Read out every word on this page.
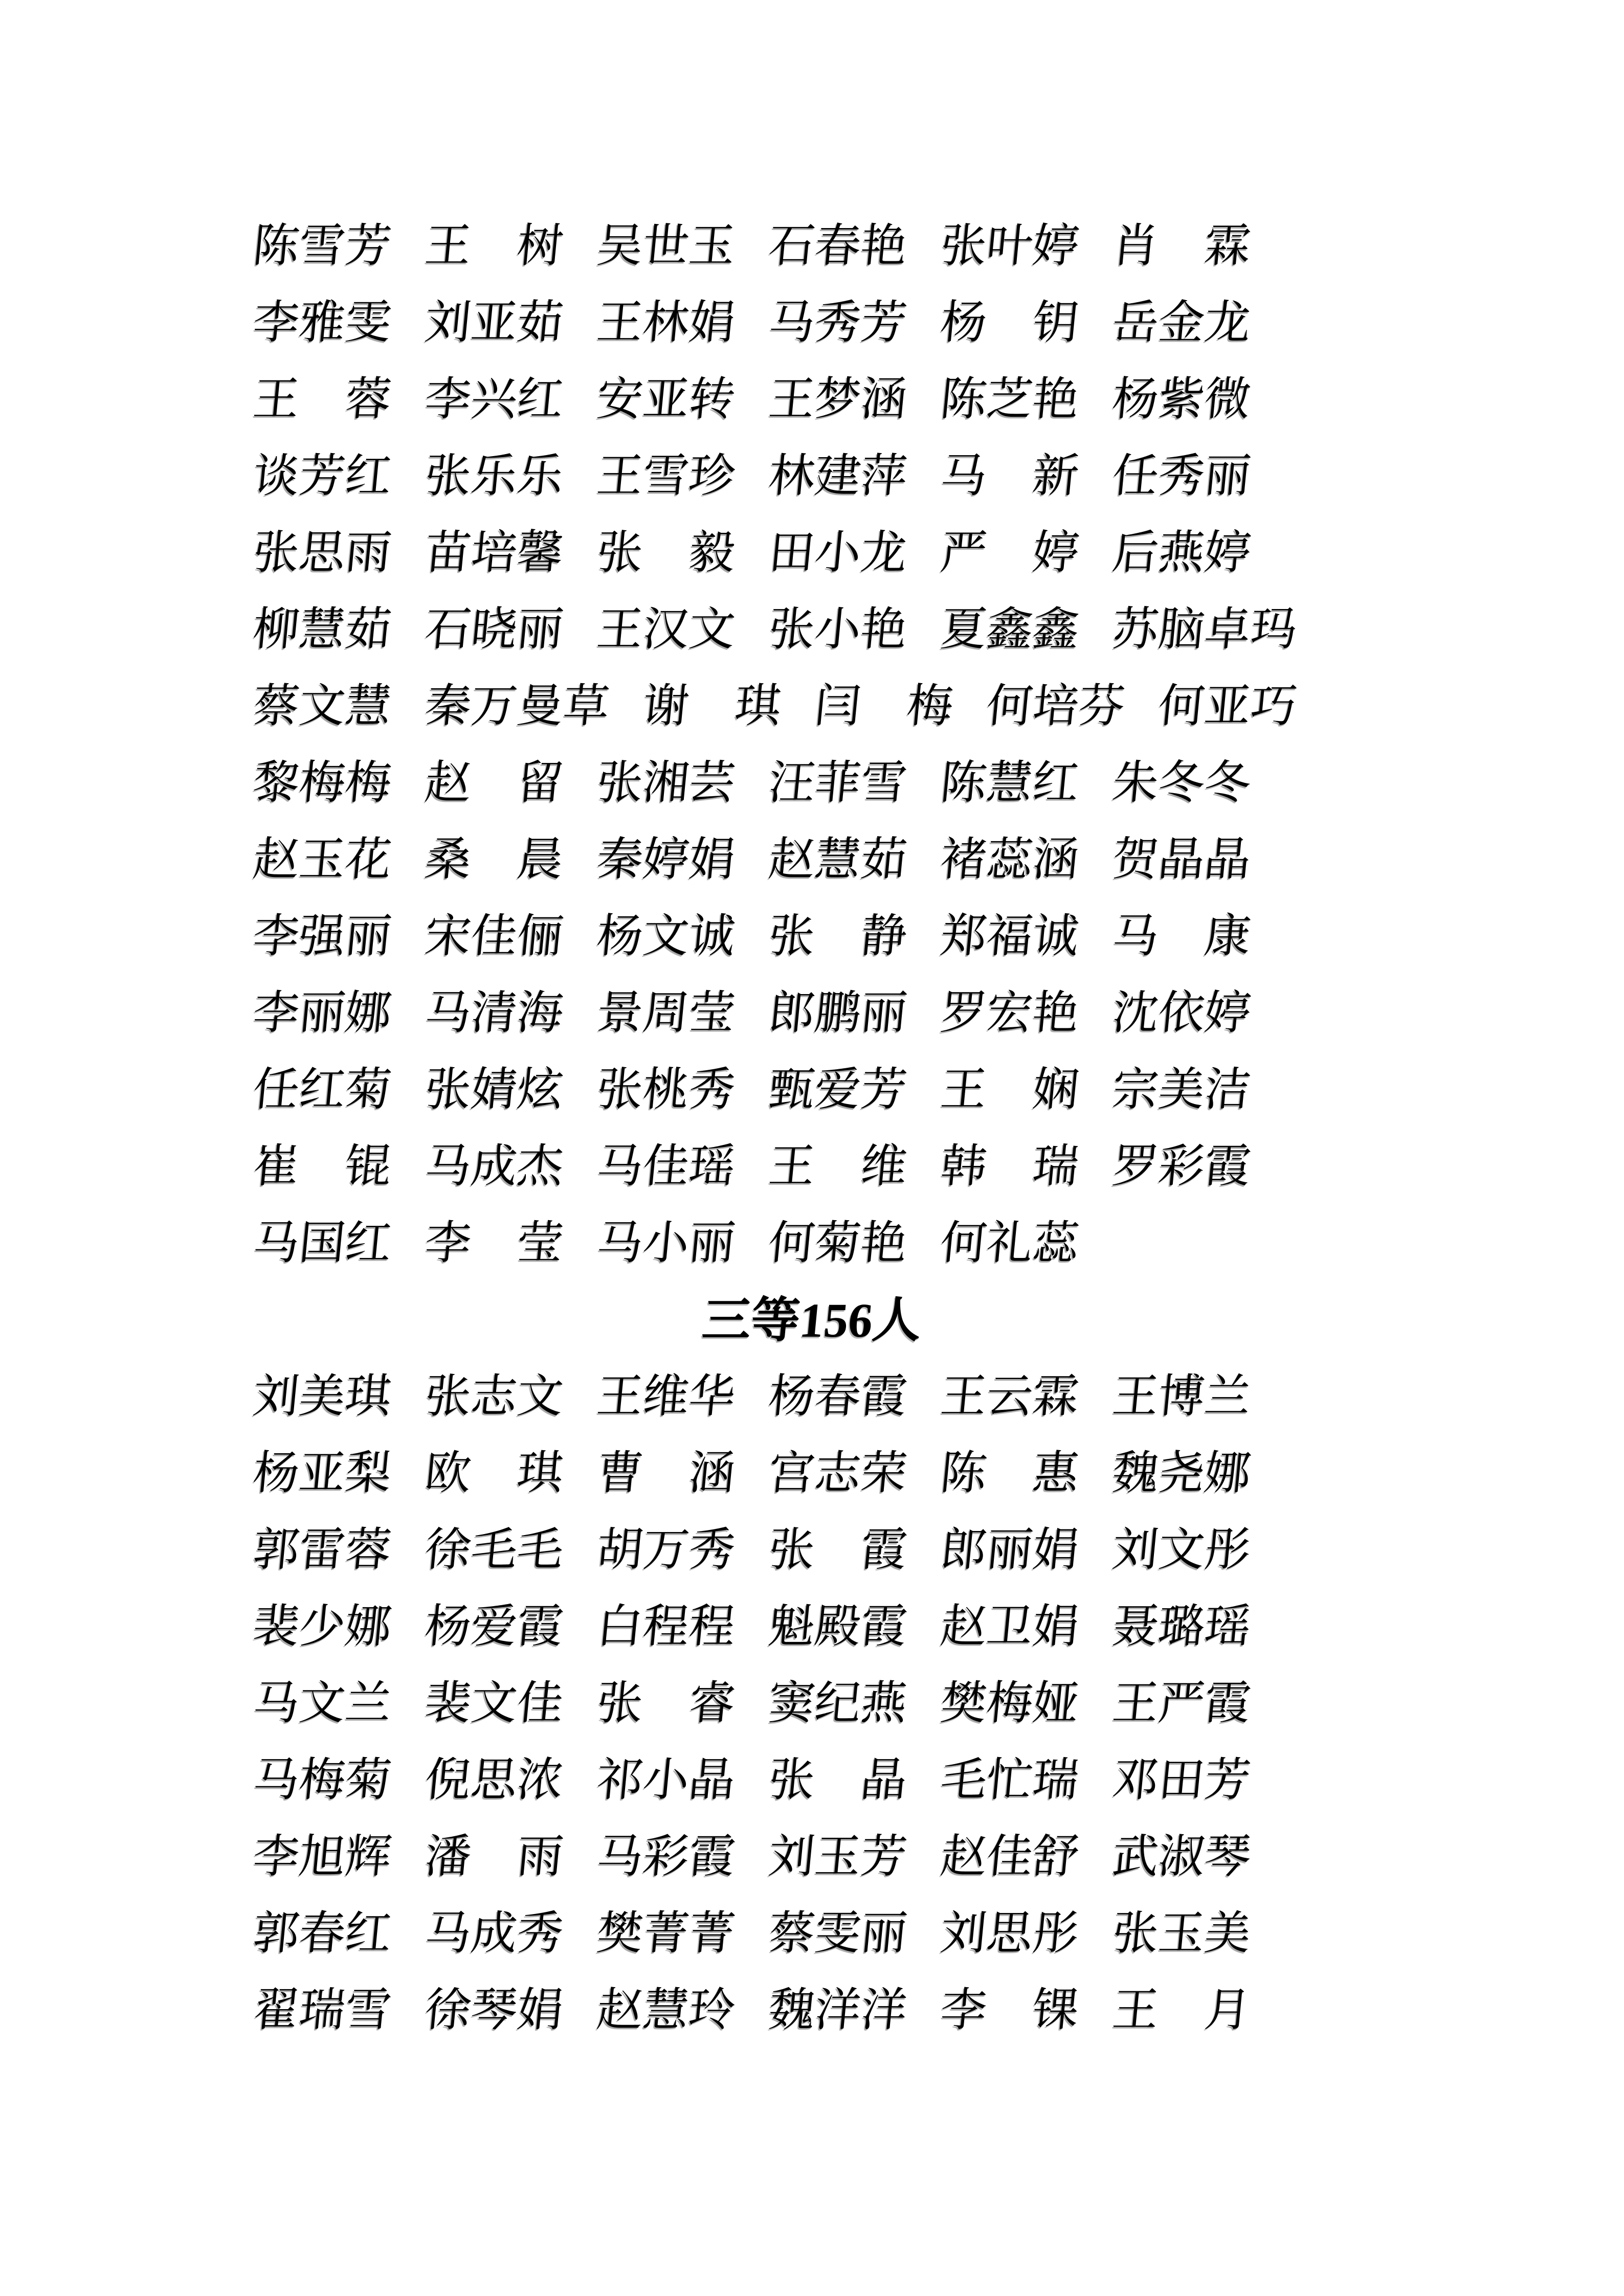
陈雪芳 王　树 吴世玉 石春艳 张叶婷 肖　霖
李雅雯 刘亚茹 王林娟 马秀芳 杨　钥 岳金龙
王　蓉 李兴红 安亚转 王梦涵 陈芝艳 杨紫微
谈芳红 张乐乐 王雪珍 林建萍 马　新 任秀丽
张思雨 苗培馨 张　毅 田小龙 严　婷 后燕婷
柳慧茹 石晓丽 王汉文 张小艳 夏鑫鑫 苏脑卓玛
蔡文慧 秦万曼草 谢　琪 闫　梅 何培芬 何亚巧
黎梅梅 赵　留 张湘芸 汪菲雪 陈慧红 朱冬冬
赵玉花 桑　晨 秦婷娟 赵慧茹 褚蕊涵 贺晶晶
李强丽 宋佳俪 杨文诚 张　静 郑福诚 马　康
李丽娜 马清海 景周莹 郎鹏丽 罗宏艳 沈依婷
任红菊 张婧炫 张桃秀 甄爱芳 王　娴 宗美洁
崔　锟 马成杰 马佳瑶 王　维 韩　瑞 罗彩霞
马国红 李　莹 马小丽 何菊艳 何礼蕊
三等156人
刘美琪 张志文 王维华 杨春霞 王云霖 王博兰
杨亚梨 欧　琪 曹　涵 宫志荣 陈　惠 魏尧娜
郭雷蓉 徐毛毛 胡万秀 张　霞 郎丽娟 刘文彤
裴少娜 杨爱霞 白程程 魁殿霞 赵卫娟 聂璐瑶
马文兰 裴文佳 张　睿 窦纪燕 樊梅娅 王严霞
马梅菊 倪思浓 祁小晶 张　晶 毛忙瑞 邓田芳
李旭辉 潘　雨 马彩霞 刘玉芳 赵佳舒 武淑琴
郭春红 马成秀 樊菁菁 蔡雯丽 刘思彤 张玉美
翟瑞雪 徐琴娟 赵慧玲 魏洋洋 李　锞 王　月
